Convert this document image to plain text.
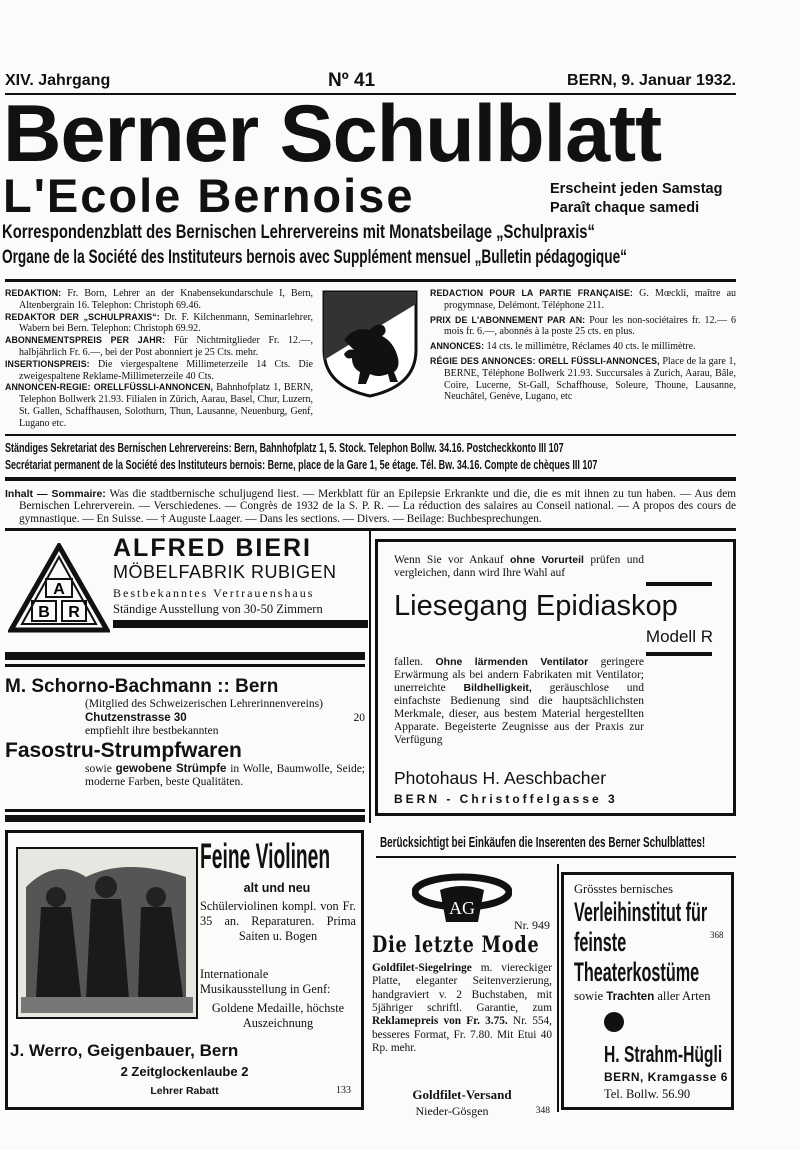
XIV. Jahrgang	Nº 41	BERN, 9. Januar 1932.
Berner Schulblatt
L'Ecole Bernoise	Erscheint jeden Samstag
Paraît chaque samedi
Korrespondenzblatt des Bernischen Lehrervereins mit Monatsbeilage „Schulpraxis“
Organe de la Société des Instituteurs bernois avec Supplément mensuel „Bulletin pédagogique“

REDAKTION: Fr. Born, Lehrer an der Knabensekundarschule I, Bern, Altenbergrain 16. Telephon: Christoph 69.46.

REDAKTOR DER „SCHULPRAXIS“: Dr. F. Kilchenmann, Seminarlehrer, Wabern bei Bern. Telephon: Christoph 69.92.

ABONNEMENTSPREIS PER JAHR: Für Nichtmitglieder Fr. 12.—, halbjährlich Fr. 6.—, bei der Post abonniert je 25 Cts. mehr.

INSERTIONSPREIS: Die viergespaltene Millimeterzeile 14 Cts. Die zweigespaltene Reklame-Millimeterzeile 40 Cts.

ANNONCEN-REGIE: ORELLFÜSSLI-ANNONCEN, Bahnhofplatz 1, BERN, Telephon Bollwerk 21.93. Filialen in Zürich, Aarau, Basel, Chur, Luzern, St. Gallen, Schaffhausen, Solothurn, Thun, Lausanne, Neuenburg, Genf, Lugano etc.

REDACTION POUR LA PARTIE FRANÇAISE: G. Mœckli, maître au progymnase, Delémont. Téléphone 211.

PRIX DE L'ABONNEMENT PAR AN: Pour les non-sociétaires fr. 12.— 6 mois fr. 6.—, abonnés à la poste 25 cts. en plus.

ANNONCES: 14 cts. le millimètre, Réclames 40 cts. le millimètre.

RÉGIE DES ANNONCES: ORELL FÜSSLI-ANNONCES, Place de la gare 1, BERNE, Téléphone Bollwerk 21.93. Succursales à Zurich, Aarau, Bâle, Coire, Lucerne, St-Gall, Schaffhouse, Soleure, Thoune, Lausanne, Neuchâtel, Genève, Lugano, etc

Ständiges Sekretariat des Bernischen Lehrervereins: Bern, Bahnhofplatz 1, 5. Stock. Telephon Bollw. 34.16. Postcheckkonto III 107
Secrétariat permanent de la Société des Instituteurs bernois: Berne, place de la Gare 1, 5e étage. Tél. Bw. 34.16. Compte de chèques III 107

Inhalt — Sommaire: Was die stadtbernische schuljugend liest. — Merkblatt für an Epilepsie Erkrankte und die, die es mit ihnen zu tun haben. — Aus dem Bernischen Lehrerverein. — Verschiedenes. — Congrès de 1932 de la S. P. R. — La réduction des salaires au Conseil national. — A propos des cours de gymnastique. — En Suisse. — † Auguste Laager. — Dans les sections. — Divers. — Beilage: Buchbesprechungen.

A
B R
ALFRED BIERI
MÖBELFABRIK RUBIGEN
Bestbekanntes Vertrauenshaus
Ständige Ausstellung von 30-50 Zimmern
M. Schorno-Bachmann :: Bern
(Mitglied des Schweizerischen Lehrerinnenvereins)
Chutzenstrasse 30	20
empfiehlt ihre bestbekannten
Fasostru-Strumpfwaren

sowie gewobene Strümpfe in Wolle, Baumwolle, Seide; moderne Farben, beste Qualitäten.

Wenn Sie vor Ankauf ohne Vorurteil prüfen und vergleichen, dann wird Ihre Wahl auf

Liesegang Epidiaskop
Modell R

fallen. Ohne lärmenden Ventilator geringere Erwärmung als bei andern Fabrikaten mit Ventilator; unerreichte Bildhelligkeit, geräuschlose und einfachste Bedienung sind die hauptsächlichsten Merkmale, dieser, aus bestem Material hergestellten Apparate. Begeisterte Zeugnisse aus der Praxis zur Verfügung

Photohaus H. Aeschbacher
BERN - Christoffelgasse 3
Berücksichtigt bei Einkäufen die Inserenten des Berner Schulblattes!
Feine Violinen
alt und neu

Schülerviolinen kompl. von Fr. 35 an. Reparaturen. Prima Saiten u. Bogen

Internationale Musikausstellung in Genf:

Goldene Medaille, höchste Auszeichnung

J. Werro, Geigenbauer, Bern
2 Zeitglockenlaube 2
Lehrer Rabatt	133
AG
Nr. 949
Die letzte Mode

Goldfilet-Siegelringe m. viereckiger Platte, eleganter Seitenverzierung, handgraviert v. 2 Buchstaben, mit 5jähriger schriftl. Garantie, zum Reklamepreis von Fr. 3.75. Nr. 554, besseres Format, Fr. 7.80. Mit Etui 40 Rp. mehr.

Goldfilet-Versand
Nieder-Gösgen	348
Grösstes bernisches
Verleihinstitut für feinste Theaterkostüme
368
sowie Trachten aller Arten
H. Strahm-Hügli
BERN, Kramgasse 6
Tel. Bollw. 56.90
